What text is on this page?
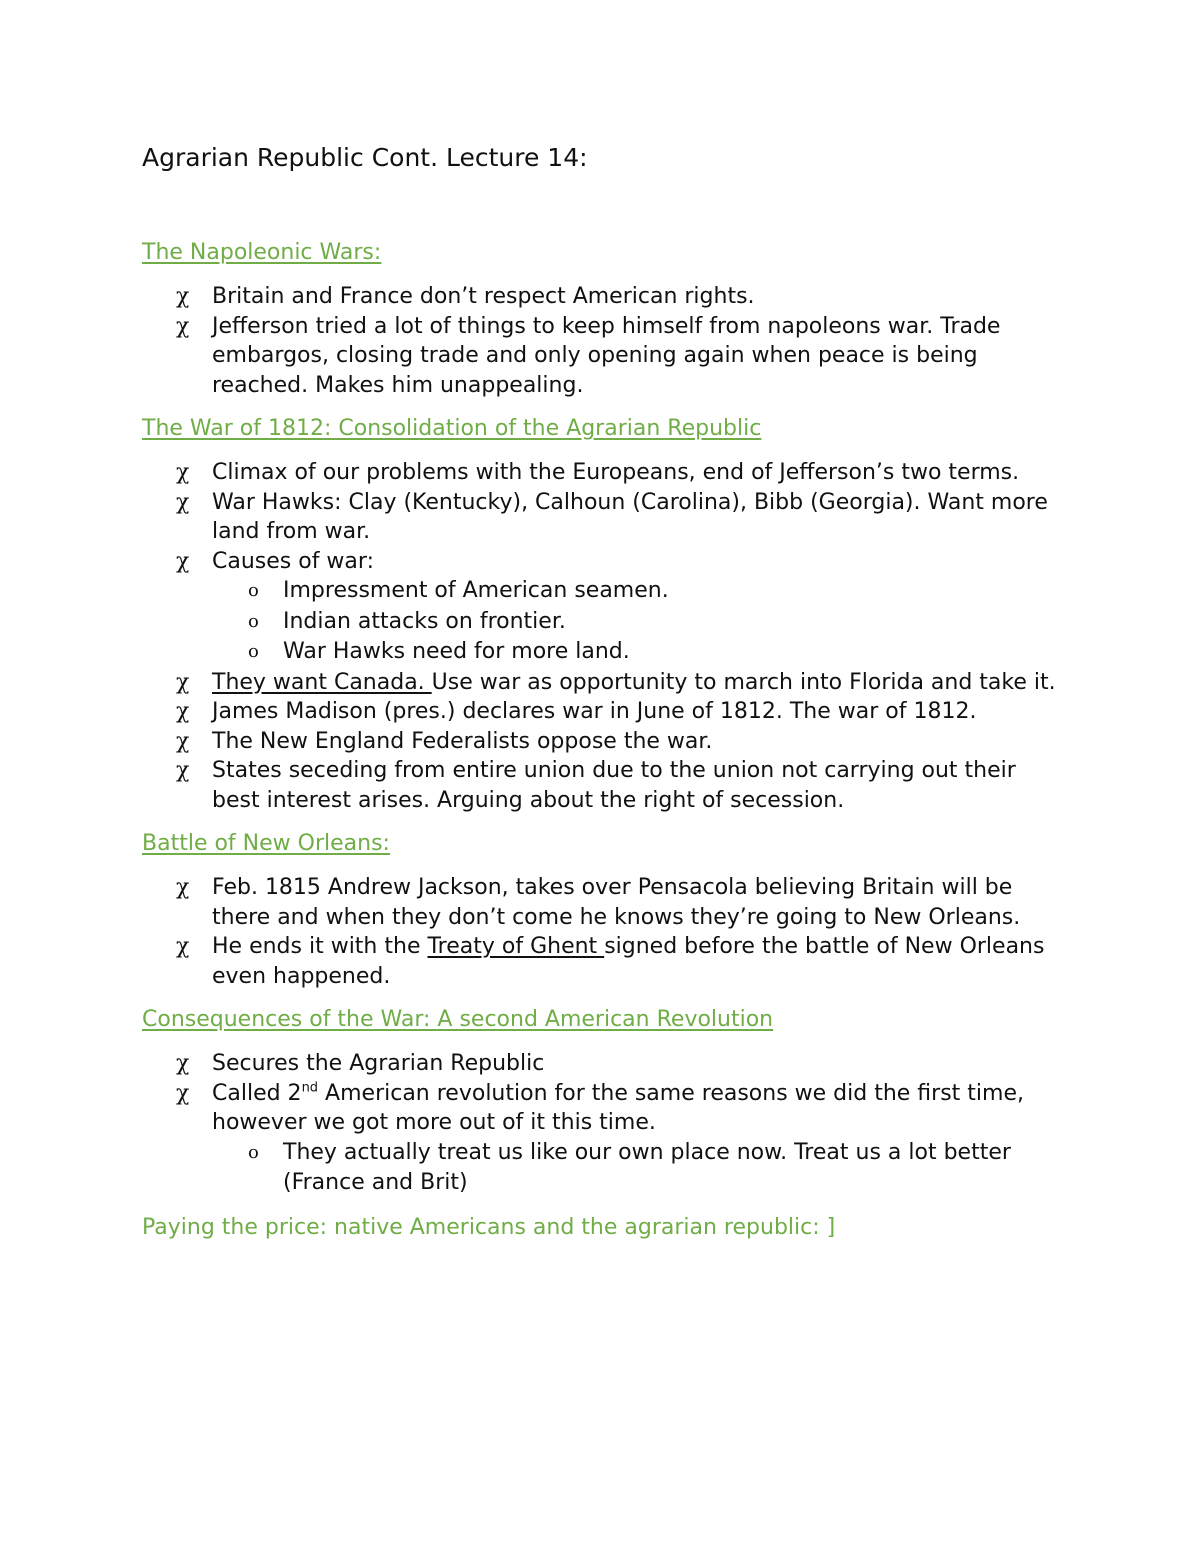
Agrarian Republic Cont. Lecture 14:
The Napoleonic Wars:
χ Britain and France don’t respect American rights.
χ Jefferson tried a lot of things to keep himself from napoleons war. Trade embargos, closing trade and only opening again when peace is being reached. Makes him unappealing.
The War of 1812: Consolidation of the Agrarian Republic
χ Climax of our problems with the Europeans, end of Jefferson’s two terms.
χ War Hawks: Clay (Kentucky), Calhoun (Carolina), Bibb (Georgia). Want more land from war.
χ Causes of war:
o Impressment of American seamen.
o Indian attacks on frontier.
o War Hawks need for more land.
χ They want Canada. Use war as opportunity to march into Florida and take it.
χ James Madison (pres.) declares war in June of 1812. The war of 1812.
χ The New England Federalists oppose the war.
χ States seceding from entire union due to the union not carrying out their best interest arises. Arguing about the right of secession.
Battle of New Orleans:
χ Feb. 1815 Andrew Jackson, takes over Pensacola believing Britain will be there and when they don’t come he knows they’re going to New Orleans.
χ He ends it with the Treaty of Ghent signed before the battle of New Orleans even happened.
Consequences of the War: A second American Revolution
χ Secures the Agrarian Republic
χ Called 2nd American revolution for the same reasons we did the first time, however we got more out of it this time.
o They actually treat us like our own place now. Treat us a lot better (France and Brit)
Paying the price: native Americans and the agrarian republic: ]
